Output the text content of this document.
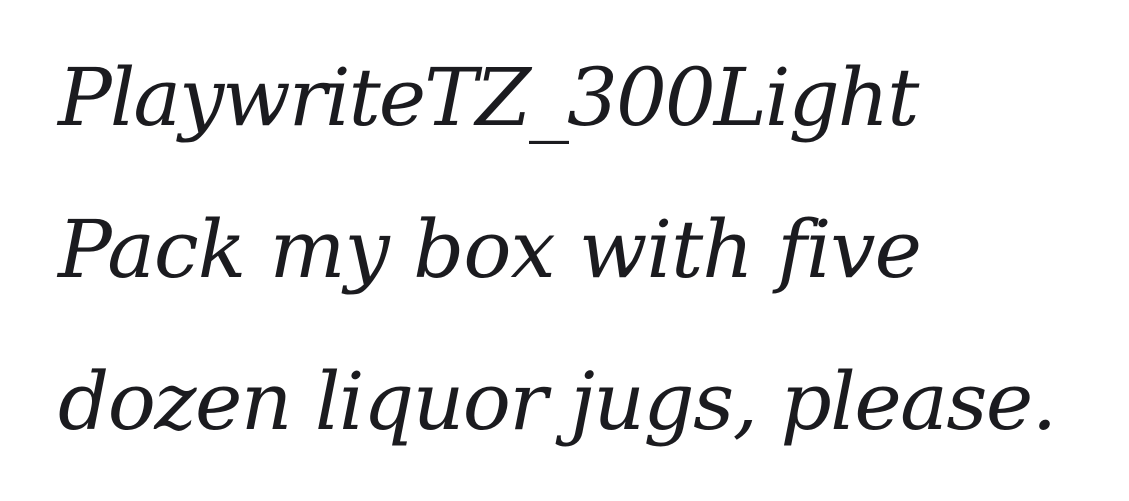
PlaywriteTZ_300Light
Pack my box with five
dozen liquor jugs, please.
